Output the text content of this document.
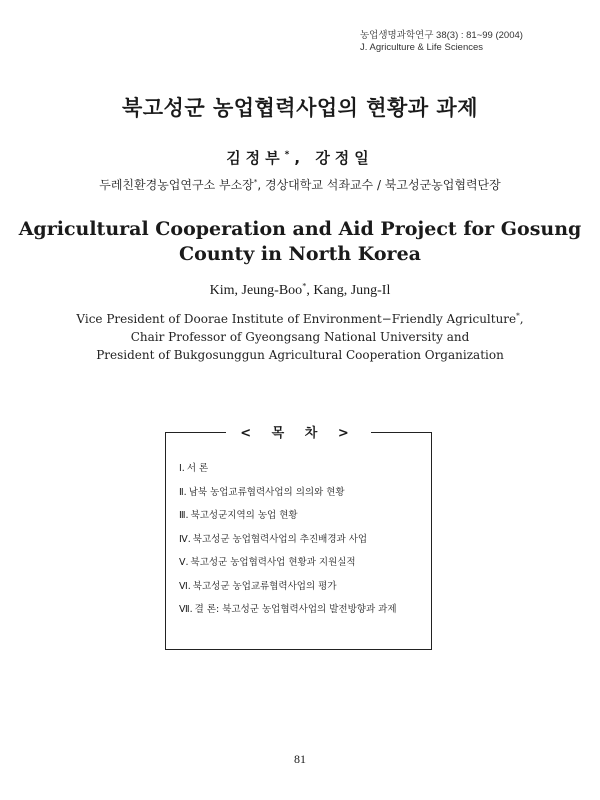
농업생명과학연구 38(3) : 81~99 (2004)
J. Agriculture & Life Sciences
북고성군 농업협력사업의 현황과 과제
김정부*, 강정일
두레친환경농업연구소 부소장*, 경상대학교 석좌교수 / 북고성군농업협력단장
Agricultural Cooperation and Aid Project for Gosung
County in North Korea
Kim, Jeung-Boo*, Kang, Jung-Il
Vice President of Doorae Institute of Environment−Friendly Agriculture*,
Chair Professor of Gyeongsang National University and
President of Bukgosunggun Agricultural Cooperation Organization
< 목 차 >
Ⅰ. 서 론
Ⅱ. 남북 농업교류협력사업의 의의와 현황
Ⅲ. 북고성군지역의 농업 현황
Ⅳ. 북고성군 농업협력사업의 추진배경과 사업
Ⅴ. 북고성군 농업협력사업 현황과 지원실적
Ⅵ. 북고성군 농업교류협력사업의 평가
Ⅶ. 결 론: 북고성군 농업협력사업의 발전방향과 과제
81
